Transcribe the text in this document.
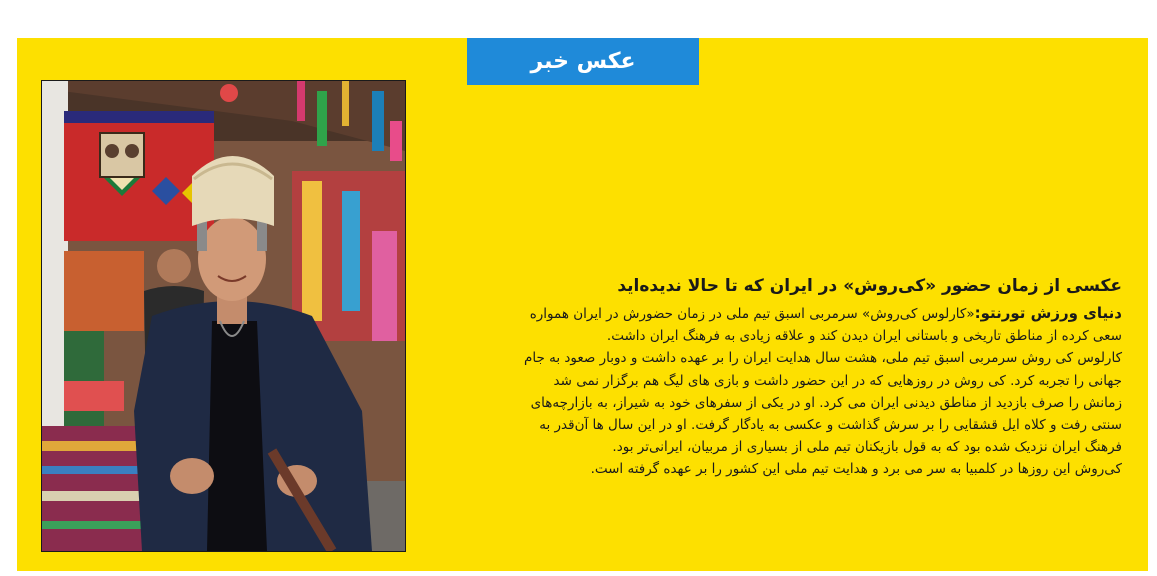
عکس خبر
عکسی از زمان حضور «کی‌روش» در ایران که تا حالا ندیده‌اید
دنیای ورزش تورنتو:«کارلوس کی‌روش» سرمربی اسبق تیم ملی در زمان حضورش در ایران همواره
سعی کرده از مناطق تاریخی و باستانی ایران دیدن کند و علاقه زیادی به فرهنگ ایران داشت.
کارلوس کی روش سرمربی اسبق تیم ملی، هشت سال هدایت ایران را بر عهده داشت و دوبار صعود به جام
جهانی را تجربه کرد. کی روش در روزهایی که در این حضور داشت و بازی های لیگ هم برگزار نمی شد
زمانش را صرف بازدید از مناطق دیدنی ایران می کرد. او در یکی از سفرهای خود به شیراز، به بازارچه‌های
سنتی رفت و کلاه ایل قشقایی را بر سرش گذاشت و عکسی به یادگار گرفت. او در این سال ها آن‌قدر به
فرهنگ ایران نزدیک شده بود که به قول بازیکنان تیم ملی از بسیاری از مربیان، ایرانی‌تر بود.
کی‌روش این روزها در کلمبیا به سر می برد و هدایت تیم ملی این کشور را بر عهده گرفته است.
